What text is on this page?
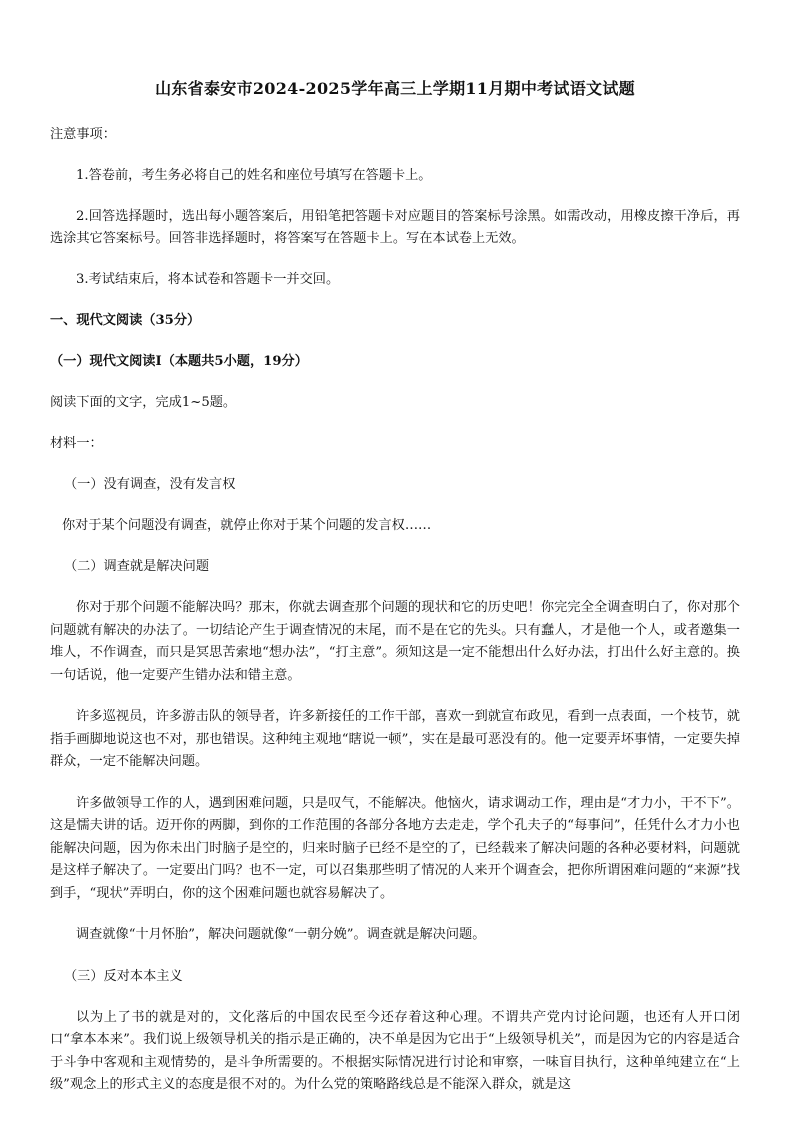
山东省泰安市2024-2025学年高三上学期11月期中考试语文试题
注意事项：
1.答卷前，考生务必将自己的姓名和座位号填写在答题卡上。
2.回答选择题时，选出每小题答案后，用铅笔把答题卡对应题目的答案标号涂黑。如需改动，用橡皮擦干净后，再选涂其它答案标号。回答非选择题时，将答案写在答题卡上。写在本试卷上无效。
3.考试结束后，将本试卷和答题卡一并交回。
一、现代文阅读（35分）
（一）现代文阅读Ⅰ（本题共5小题，19分）
阅读下面的文字，完成1~5题。
材料一：
（一）没有调查，没有发言权
你对于某个问题没有调查，就停止你对于某个问题的发言权……
（二）调查就是解决问题
你对于那个问题不能解决吗？那末，你就去调查那个问题的现状和它的历史吧！你完完全全调查明白了，你对那个问题就有解决的办法了。一切结论产生于调查情况的末尾，而不是在它的先头。只有蠢人，才是他一个人，或者邀集一堆人，不作调查，而只是冥思苦索地“想办法”，“打主意”。须知这是一定不能想出什么好办法，打出什么好主意的。换一句话说，他一定要产生错办法和错主意。
许多巡视员，许多游击队的领导者，许多新接任的工作干部，喜欢一到就宣布政见，看到一点表面，一个枝节，就指手画脚地说这也不对，那也错误。这种纯主观地“瞎说一顿”，实在是最可恶没有的。他一定要弄坏事情，一定要失掉群众，一定不能解决问题。
许多做领导工作的人，遇到困难问题，只是叹气，不能解决。他恼火，请求调动工作，理由是“才力小，干不下”。这是懦夫讲的话。迈开你的两脚，到你的工作范围的各部分各地方去走走，学个孔夫子的“每事问”，任凭什么才力小也能解决问题，因为你未出门时脑子是空的，归来时脑子已经不是空的了，已经载来了解决问题的各种必要材料，问题就是这样子解决了。一定要出门吗？也不一定，可以召集那些明了情况的人来开个调查会，把你所谓困难问题的“来源”找到手，“现状”弄明白，你的这个困难问题也就容易解决了。
调查就像“十月怀胎”，解决问题就像“一朝分娩”。调查就是解决问题。
（三）反对本本主义
以为上了书的就是对的，文化落后的中国农民至今还存着这种心理。不谓共产党内讨论问题，也还有人开口闭口“拿本本来”。我们说上级领导机关的指示是正确的，决不单是因为它出于“上级领导机关”，而是因为它的内容是适合于斗争中客观和主观情势的，是斗争所需要的。不根据实际情况进行讨论和审察，一味盲目执行，这种单纯建立在“上级”观念上的形式主义的态度是很不对的。为什么党的策略路线总是不能深入群众，就是这
